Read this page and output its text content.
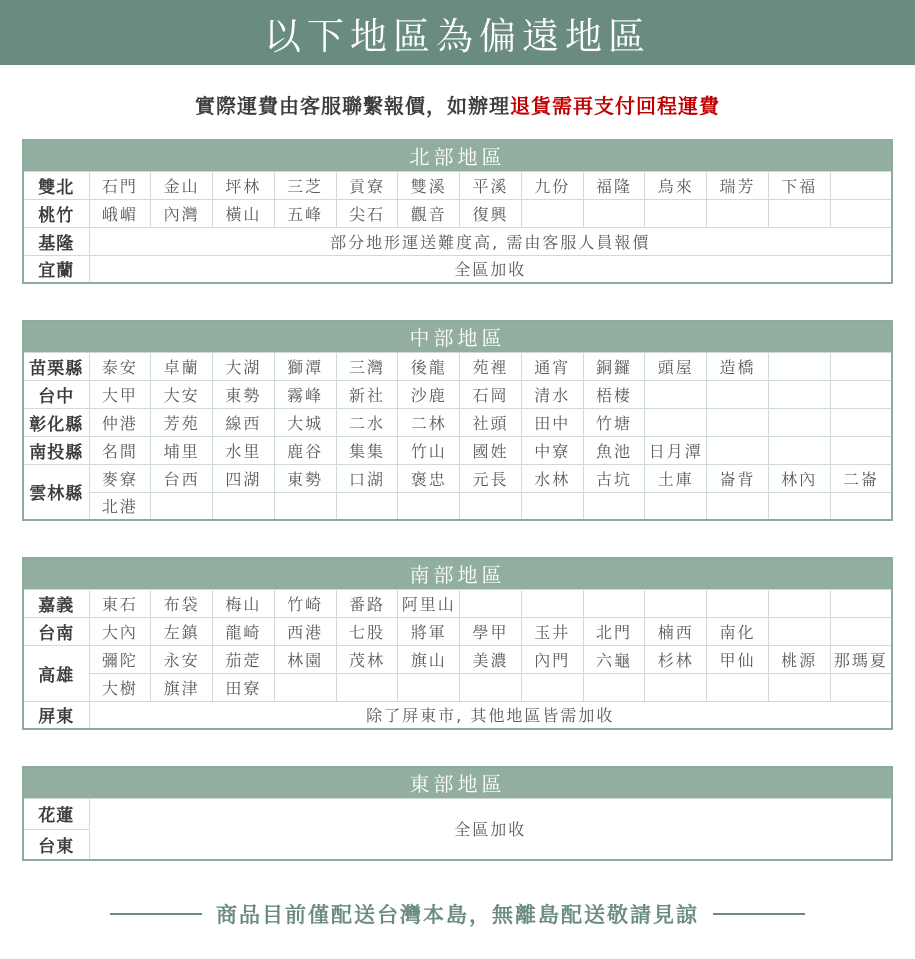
以下地區為偏遠地區

實際運費由客服聯繫報價，如辦理退貨需再支付回程運費

北部地區													
雙北	石門	金山	坪林	三芝	貢寮	雙溪	平溪	九份	福隆	烏來	瑞芳	下福	
桃竹	峨嵋	內灣	橫山	五峰	尖石	觀音	復興						
基隆	部分地形運送難度高, 需由客服人員報價												
宜蘭	全區加收												
中部地區													
苗栗縣	泰安	卓蘭	大湖	獅潭	三灣	後龍	苑裡	通宵	銅鑼	頭屋	造橋		
台中	大甲	大安	東勢	霧峰	新社	沙鹿	石岡	清水	梧棲				
彰化縣	仲港	芳苑	線西	大城	二水	二林	社頭	田中	竹塘				
南投縣	名間	埔里	水里	鹿谷	集集	竹山	國姓	中寮	魚池	日月潭			
雲林縣	麥寮	台西	四湖	東勢	口湖	褒忠	元長	水林	古坑	土庫	崙背	林內	二崙
	北港												
南部地區													
嘉義	東石	布袋	梅山	竹崎	番路	阿里山							
台南	大內	左鎮	龍崎	西港	七股	將軍	學甲	玉井	北門	楠西	南化		
高雄	彌陀	永安	茄萣	林園	茂林	旗山	美濃	內門	六龜	杉林	甲仙	桃源	那瑪夏
	大樹	旗津	田寮										
屏東	除了屏東市, 其他地區皆需加收												
東部地區
花蓮	全區加收
台東
商品目前僅配送台灣本島，無離島配送敬請見諒
